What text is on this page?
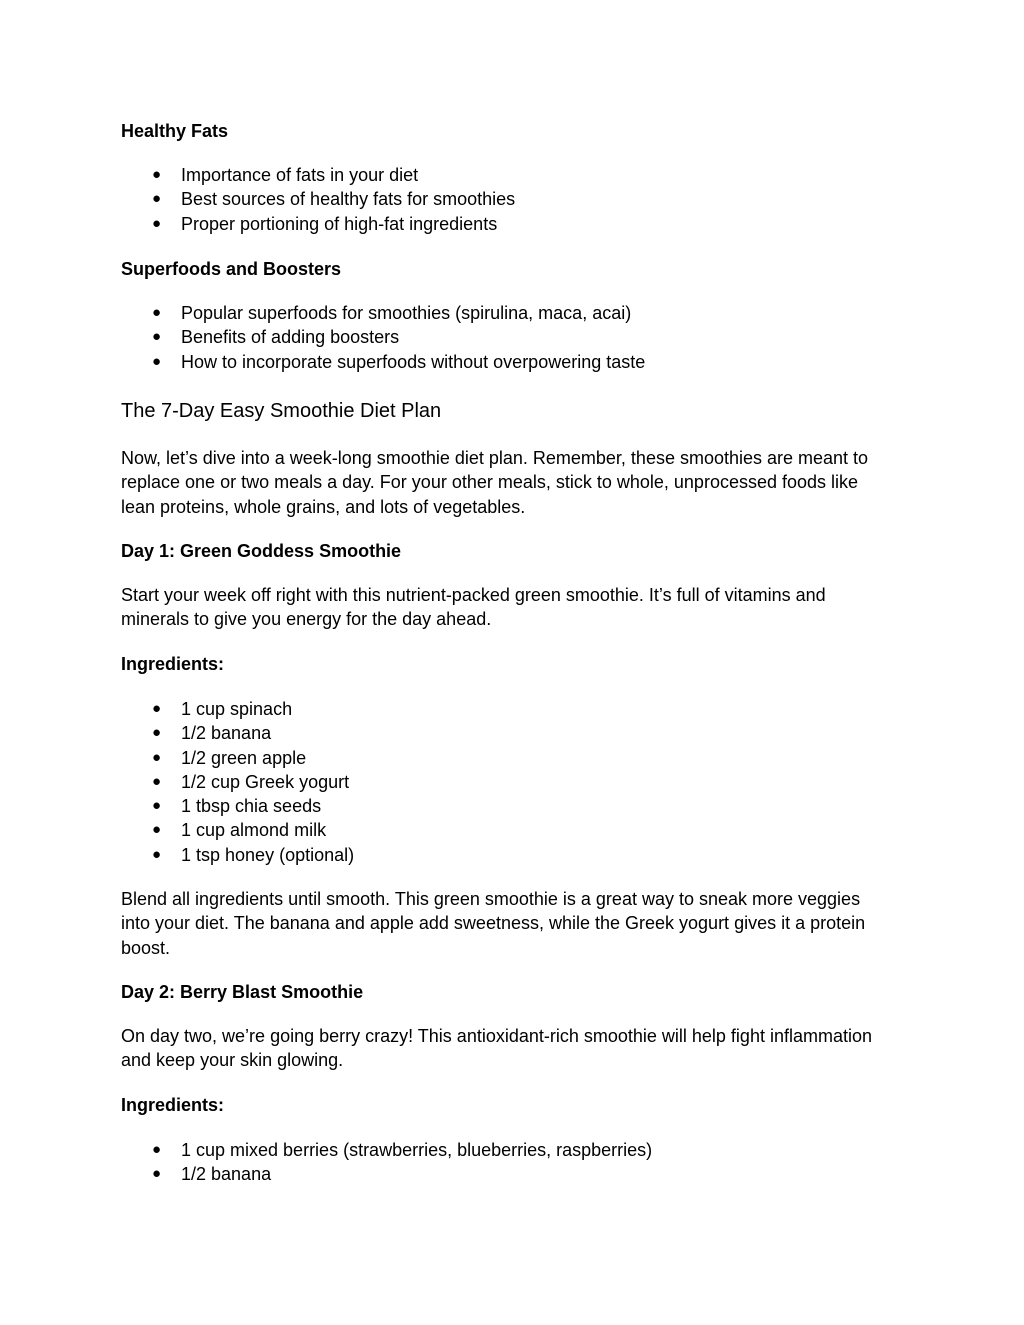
Healthy Fats
● Importance of fats in your diet
● Best sources of healthy fats for smoothies
● Proper portioning of high-fat ingredients
Superfoods and Boosters
● Popular superfoods for smoothies (spirulina, maca, acai)
● Benefits of adding boosters
● How to incorporate superfoods without overpowering taste
The 7-Day Easy Smoothie Diet Plan
Now, let’s dive into a week-long smoothie diet plan. Remember, these smoothies are meant to
replace one or two meals a day. For your other meals, stick to whole, unprocessed foods like
lean proteins, whole grains, and lots of vegetables.
Day 1: Green Goddess Smoothie
Start your week off right with this nutrient-packed green smoothie. It’s full of vitamins and
minerals to give you energy for the day ahead.
Ingredients:
● 1 cup spinach
● 1/2 banana
● 1/2 green apple
● 1/2 cup Greek yogurt
● 1 tbsp chia seeds
● 1 cup almond milk
● 1 tsp honey (optional)
Blend all ingredients until smooth. This green smoothie is a great way to sneak more veggies
into your diet. The banana and apple add sweetness, while the Greek yogurt gives it a protein
boost.
Day 2: Berry Blast Smoothie
On day two, we’re going berry crazy! This antioxidant-rich smoothie will help fight inflammation
and keep your skin glowing.
Ingredients:
● 1 cup mixed berries (strawberries, blueberries, raspberries)
● 1/2 banana
